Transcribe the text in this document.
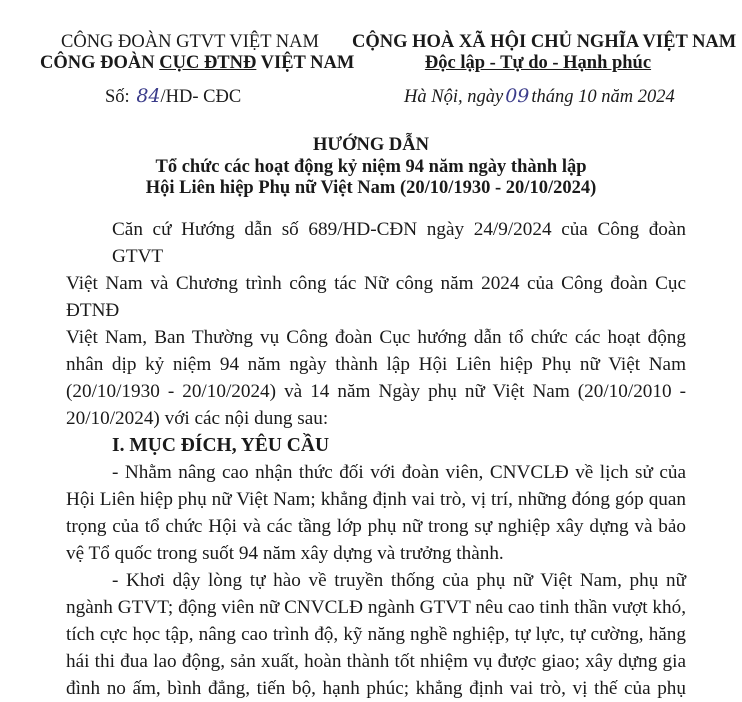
CÔNG ĐOÀN GTVT VIỆT NAM
CÔNG ĐOÀN CỤC ĐTNĐ VIỆT NAM
Số: 84/HD- CĐC
CỘNG HOÀ XÃ HỘI CHỦ NGHĨA VIỆT NAM
Độc lập - Tự do - Hạnh phúc
Hà Nội, ngày 09 tháng 10 năm 2024
HƯỚNG DẪN
Tổ chức các hoạt động kỷ niệm 94 năm ngày thành lập
Hội Liên hiệp Phụ nữ Việt Nam (20/10/1930 - 20/10/2024)
Căn cứ Hướng dẫn số 689/HD-CĐN ngày 24/9/2024 của Công đoàn GTVT
Việt Nam và Chương trình công tác Nữ công năm 2024 của Công đoàn Cục ĐTNĐ
Việt Nam, Ban Thường vụ Công đoàn Cục hướng dẫn tổ chức các hoạt động
nhân dịp kỷ niệm 94 năm ngày thành lập Hội Liên hiệp Phụ nữ Việt Nam
(20/10/1930 - 20/10/2024) và 14 năm Ngày phụ nữ Việt Nam (20/10/2010 -
20/10/2024) với các nội dung sau:
I. MỤC ĐÍCH, YÊU CẦU
- Nhằm nâng cao nhận thức đối với đoàn viên, CNVCLĐ về lịch sử của
Hội Liên hiệp phụ nữ Việt Nam; khẳng định vai trò, vị trí, những đóng góp quan
trọng của tổ chức Hội và các tầng lớp phụ nữ trong sự nghiệp xây dựng và bảo
vệ Tổ quốc trong suốt 94 năm xây dựng và trưởng thành.
- Khơi dậy lòng tự hào về truyền thống của phụ nữ Việt Nam, phụ nữ
ngành GTVT; động viên nữ CNVCLĐ ngành GTVT nêu cao tinh thần vượt khó,
tích cực học tập, nâng cao trình độ, kỹ năng nghề nghiệp, tự lực, tự cường, hăng
hái thi đua lao động, sản xuất, hoàn thành tốt nhiệm vụ được giao; xây dựng gia
đình no ấm, bình đẳng, tiến bộ, hạnh phúc; khẳng định vai trò, vị thế của phụ
